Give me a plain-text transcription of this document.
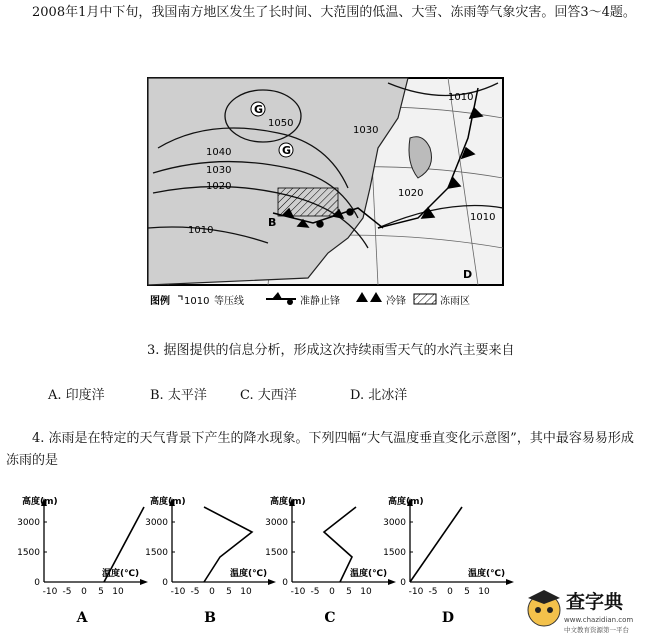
2008年1月中下旬，我国南方地区发生了长时间、大范围的低温、大雪、冻雨等气象灾害。回答3～4题。
1010
1050
1040
1030
1020
1030
1020
1010
1010
G
G
B
D
图例 1010 等压线	准静止锋	冷锋	冻雨区
3. 据图提供的信息分析，形成这次持续雨雪天气的水汽主要来自
A. 印度洋	B. 太平洋	C. 大西洋	D. 北冰洋
4. 冻雨是在特定的天气背景下产生的降水现象。下列四幅“大气温度垂直变化示意图”，其中最容易易形成冻雨的是
高度(m)
温度(℃)
3000
1500
0
-10 -5 0 5 10
A
高度(m)
温度(℃)
3000
1500
0
-10 -5 0 5 10
B
高度(m)
温度(℃)
3000
1500
0
-10 -5 0 5 10
C
高度(m)
温度(℃)
3000
1500
0
-10 -5 0 5 10
D
查字典
www.chazidian.com
中文教育资源第一平台
